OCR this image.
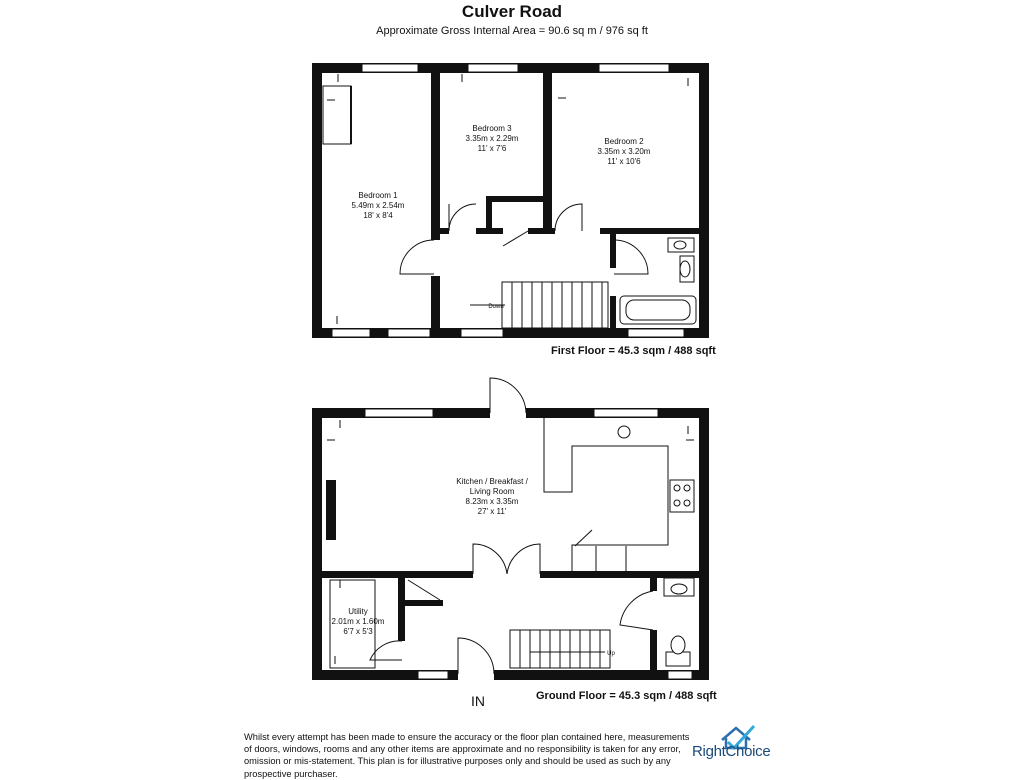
Culver Road
Approximate Gross Internal Area = 90.6 sq m / 976 sq ft
Bedroom 1
5.49m x 2.54m
18' x 8'4
Bedroom 3
3.35m x 2.29m
11' x 7'6
Bedroom 2
3.35m x 3.20m
11' x 10'6
Down
Kitchen / Breakfast /
Living Room
8.23m x 3.35m
27' x 11'
Utility
2.01m x 1.60m
6'7 x 5'3
Up
IN
First Floor = 45.3 sqm / 488 sqft
Ground Floor = 45.3 sqm / 488 sqft
Whilst every attempt has been made to ensure the accuracy or the floor plan contained here, measurements of doors, windows, rooms and any other items are approximate and no responsibility is taken for any error, omission or mis-statement. This plan is for illustrative purposes only and should be used as such by any prospective purchaser.
RightChoice
